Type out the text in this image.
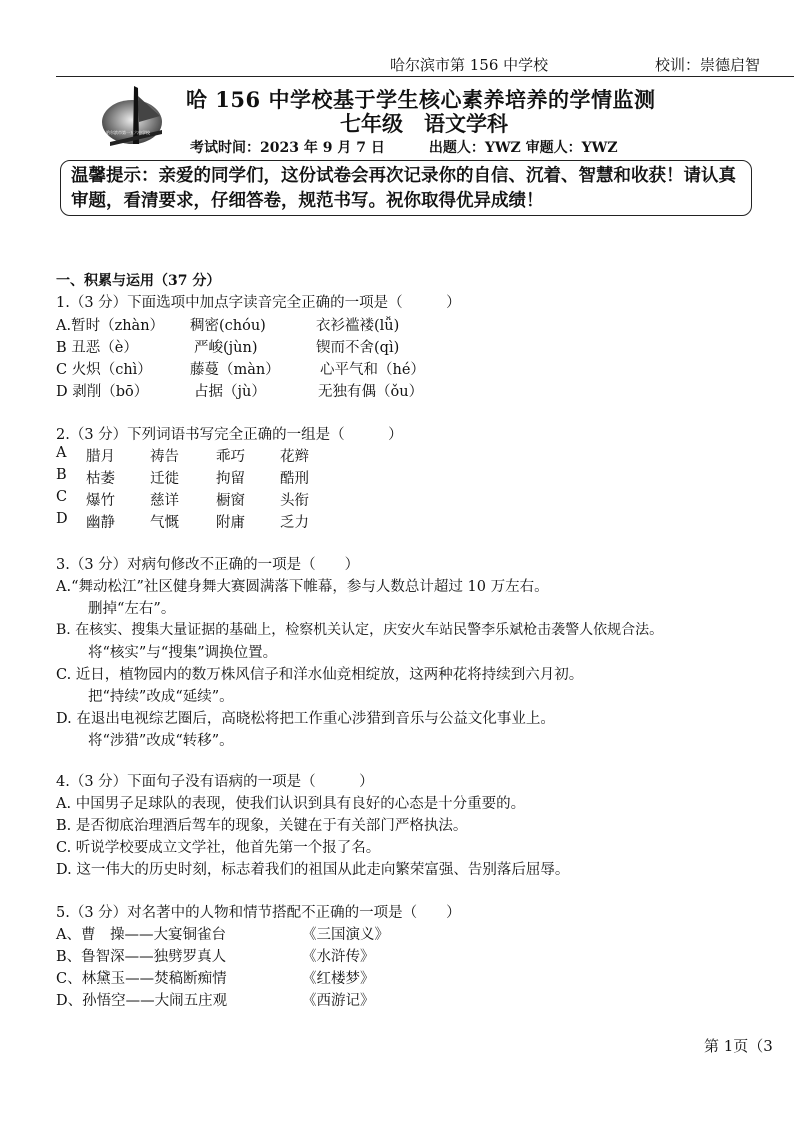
哈尔滨市第 156 中学校	校训：崇德启智
哈尔滨市第一五六中学校
哈 156 中学校基于学生核心素养培养的学情监测
七年级　语文学科
考试时间：2023 年 9 月 7 日	出题人：YWZ 审题人：YWZ
温馨提示：亲爱的同学们，这份试卷会再次记录你的自信、沉着、智慧和收获！请认真审题，看清要求，仔细答卷，规范书写。祝你取得优异成绩！
一、积累与运用（37 分）
1.（3 分）下面选项中加点字读音完全正确的一项是（　　　）
A.暂时（zhàn） 稠密(chóu)	衣衫褴褛(lǚ)
B 丑恶（è）	严峻(jùn)	锲而不舍(qì)
C 火炽（chì）	藤蔓（màn）	心平气和（hé）
D 剥削（bō）	占据（jù）	无独有偶（ǒu）
2.（3 分）下列词语书写完全正确的一组是（　　　）
A 腊月 祷告	乖巧 花辫
B 枯萎 迁徙	拘留 酷刑
C 爆竹 慈详	橱窗 头衔
D 幽静 气慨	附庸 乏力
3.（3 分）对病句修改不正确的一项是（　　）
A.“舞动松江”社区健身舞大赛圆满落下帷幕，参与人数总计超过 10 万左右。
删掉“左右”。
B. 在核实、搜集大量证据的基础上，检察机关认定，庆安火车站民警李乐斌枪击袭警人依规合法。
将“核实”与“搜集”调换位置。
C. 近日，植物园内的数万株风信子和洋水仙竞相绽放，这两种花将持续到六月初。
把“持续”改成“延续”。
D. 在退出电视综艺圈后，高晓松将把工作重心涉猎到音乐与公益文化事业上。
将“涉猎”改成“转移”。
4.（3 分）下面句子没有语病的一项是（　　　）
A. 中国男子足球队的表现，使我们认识到具有良好的心态是十分重要的。
B. 是否彻底治理酒后驾车的现象，关键在于有关部门严格执法。
C. 听说学校要成立文学社，他首先第一个报了名。
D. 这一伟大的历史时刻，标志着我们的祖国从此走向繁荣富强、告别落后屈辱。
5.（3 分）对名著中的人物和情节搭配不正确的一项是（　　）
A、曹　操——大宴铜雀台	《三国演义》
B、鲁智深——独劈罗真人	《水浒传》
C、林黛玉——焚稿断痴情	《红楼梦》
D、孙悟空——大闹五庄观	《西游记》
第 1页（3
